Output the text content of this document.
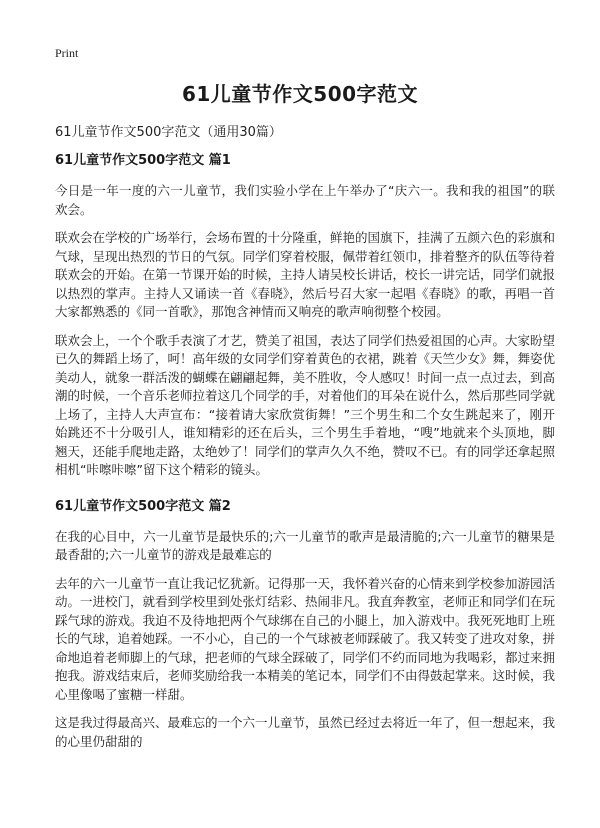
Print
61儿童节作文500字范文
61儿童节作文500字范文（通用30篇）

61儿童节作文500字范文 篇1

今日是一年一度的六一儿童节，我们实验小学在上午举办了“庆六一。我和我的祖国”的联欢会。

联欢会在学校的广场举行，会场布置的十分隆重，鲜艳的国旗下，挂满了五颜六色的彩旗和气球，呈现出热烈的节日的气氛。同学们穿着校服，佩带着红领巾，排着整齐的队伍等待着联欢会的开始。在第一节课开始的时候，主持人请吴校长讲话，校长一讲完话，同学们就报以热烈的掌声。主持人又诵读一首《春晓》，然后号召大家一起唱《春晓》的歌，再唱一首大家都熟悉的《同一首歌》，那饱含神情而又响亮的歌声响彻整个校园。

联欢会上，一个个歌手表演了才艺，赞美了祖国，表达了同学们热爱祖国的心声。大家盼望已久的舞蹈上场了，呵！高年级的女同学们穿着黄色的衣裙，跳着《天竺少女》舞，舞姿优美动人，就象一群活泼的蝴蝶在翩翩起舞，美不胜收，令人感叹！时间一点一点过去，到高潮的时候，一个音乐老师拉着这几个同学的手，对着他们的耳朵在说什么，然后那些同学就上场了，主持人大声宣布：“接着请大家欣赏街舞！”三个男生和二个女生跳起来了，刚开始跳还不十分吸引人，谁知精彩的还在后头，三个男生手着地，“嗖”地就来个头顶地，脚翘天，还能手爬地走路，太绝妙了！同学们的掌声久久不绝，赞叹不已。有的同学还拿起照相机“咔嚓咔嚓”留下这个精彩的镜头。

61儿童节作文500字范文 篇2

在我的心目中，六一儿童节是最快乐的;六一儿童节的歌声是最清脆的;六一儿童节的糖果是最香甜的;六一儿童节的游戏是最难忘的

去年的六一儿童节一直让我记忆犹新。记得那一天，我怀着兴奋的心情来到学校参加游园活动。一进校门，就看到学校里到处张灯结彩、热闹非凡。我直奔教室，老师正和同学们在玩踩气球的游戏。我迫不及待地把两个气球绑在自己的小腿上，加入游戏中。我死死地盯上班长的气球，追着她踩。一不小心，自己的一个气球被老师踩破了。我又转变了进攻对象，拼命地追着老师脚上的气球，把老师的气球全踩破了，同学们不约而同地为我喝彩，都过来拥抱我。游戏结束后，老师奖励给我一本精美的笔记本，同学们不由得鼓起掌来。这时候，我心里像喝了蜜糖一样甜。

这是我过得最高兴、最难忘的一个六一儿童节，虽然已经过去将近一年了，但一想起来，我的心里仍甜甜的
